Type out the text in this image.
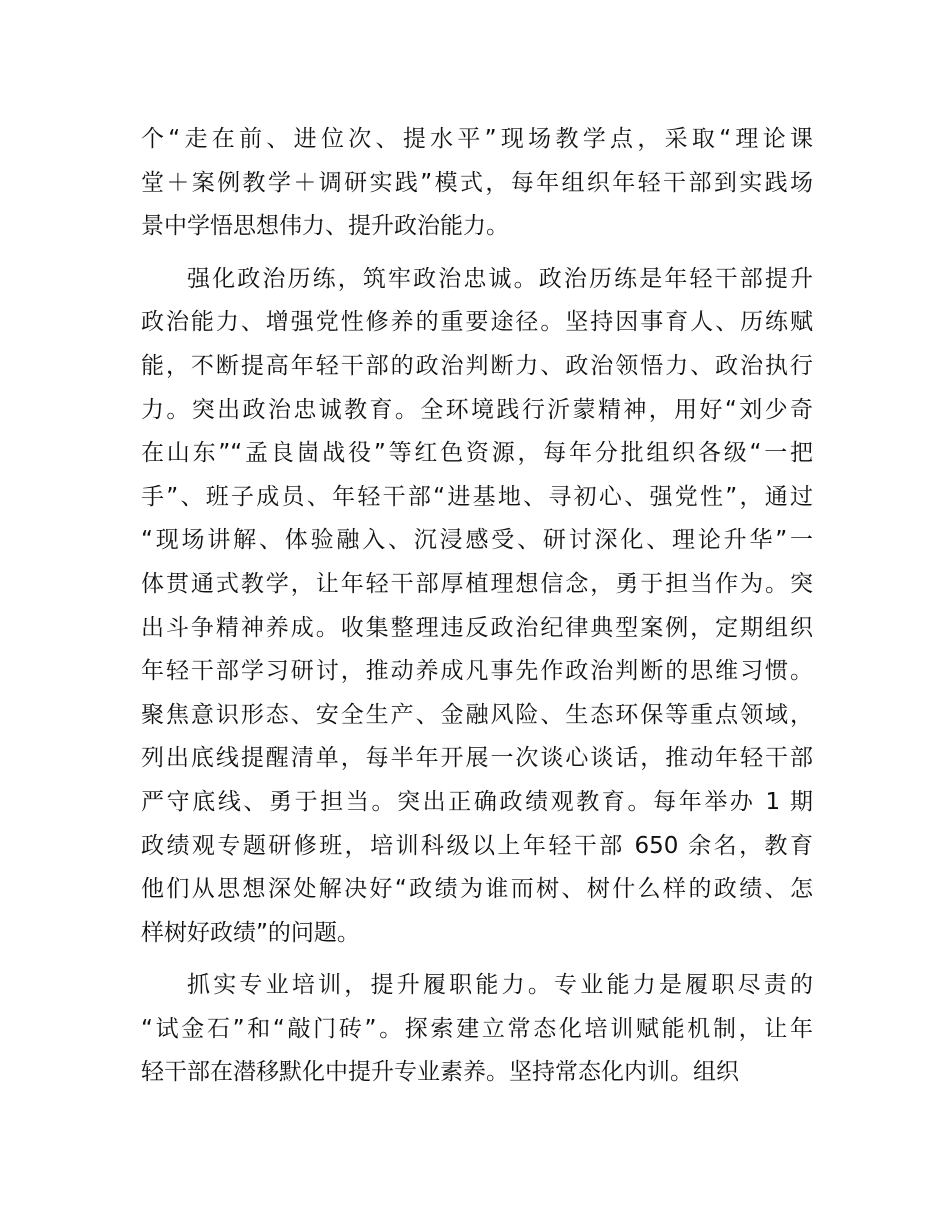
个“走在前、进位次、提水平”现场教学点，采取“理论课
堂＋案例教学＋调研实践”模式，每年组织年轻干部到实践场
景中学悟思想伟力、提升政治能力。
强化政治历练，筑牢政治忠诚。政治历练是年轻干部提升
政治能力、增强党性修养的重要途径。坚持因事育人、历练赋
能，不断提高年轻干部的政治判断力、政治领悟力、政治执行
力。突出政治忠诚教育。全环境践行沂蒙精神，用好“刘少奇
在山东”“孟良崮战役”等红色资源，每年分批组织各级“一把
手”、班子成员、年轻干部“进基地、寻初心、强党性”，通过
“现场讲解、体验融入、沉浸感受、研讨深化、理论升华”一
体贯通式教学，让年轻干部厚植理想信念，勇于担当作为。突
出斗争精神养成。收集整理违反政治纪律典型案例，定期组织
年轻干部学习研讨，推动养成凡事先作政治判断的思维习惯。
聚焦意识形态、安全生产、金融风险、生态环保等重点领域，
列出底线提醒清单，每半年开展一次谈心谈话，推动年轻干部
严守底线、勇于担当。突出正确政绩观教育。每年举办 1 期
政绩观专题研修班，培训科级以上年轻干部 650 余名，教育
他们从思想深处解决好“政绩为谁而树、树什么样的政绩、怎
样树好政绩”的问题。
抓实专业培训，提升履职能力。专业能力是履职尽责的
“试金石”和“敲门砖”。探索建立常态化培训赋能机制，让年
轻干部在潜移默化中提升专业素养。坚持常态化内训。组织
